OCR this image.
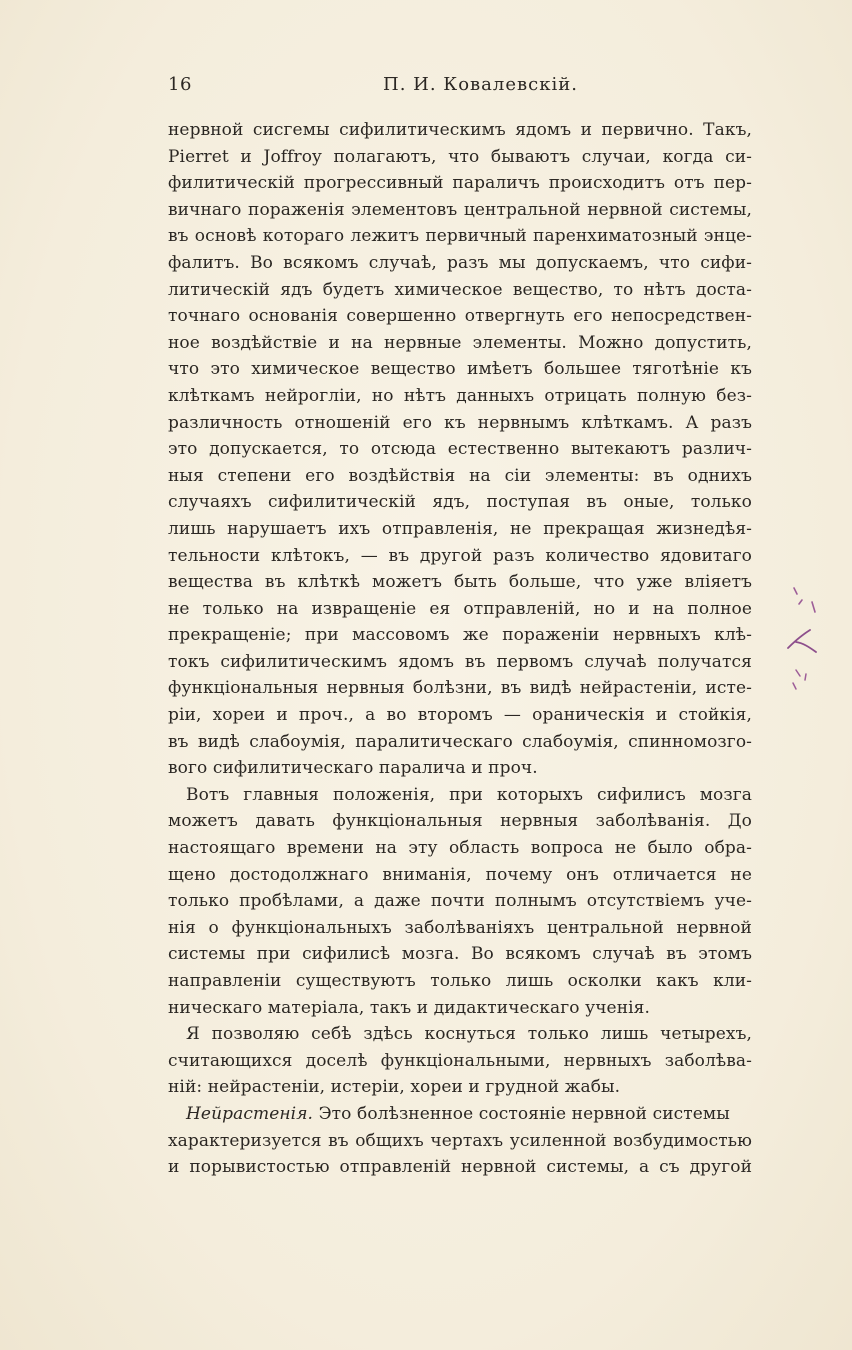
16	П. И. Ковалевскій.
нервной сисгемы сифилитическимъ ядомъ и первично. Такъ,
Pierret и Joffroy полагаютъ, что бываютъ случаи, когда си-
филитическій прогрессивный параличъ происходитъ отъ пер-
вичнаго пораженія элементовъ центральной нервной системы,
въ основѣ котораго лежитъ первичный паренхиматозный энце-
фалитъ. Во всякомъ случаѣ, разъ мы допускаемъ, что сифи-
литическій ядъ будетъ химическое вещество, то нѣтъ доста-
точнаго основанія совершенно отвергнуть его непосредствен-
ное воздѣйствіе и на нервные элементы. Можно допустить,
что это химическое вещество имѣетъ большее тяготѣніе къ
клѣткамъ нейрогліи, но нѣтъ данныхъ отрицать полную без-
различность отношеній его къ нервнымъ клѣткамъ. А разъ
это допускается, то отсюда естественно вытекаютъ различ-
ныя степени его воздѣйствія на сіи элементы: въ однихъ
случаяхъ сифилитическій ядъ, поступая въ оные, только
лишь нарушаетъ ихъ отправленія, не прекращая жизнедѣя-
тельности клѣтокъ, — въ другой разъ количество ядовитаго
вещества въ клѣткѣ можетъ быть больше, что уже вліяетъ
не только на извращеніе ея отправленій, но и на полное
прекращеніе; при массовомъ же пораженіи нервныхъ клѣ-
токъ сифилитическимъ ядомъ въ первомъ случаѣ получатся
функціональныя нервныя болѣзни, въ видѣ нейрастеніи, исте-
ріи, хореи и проч., а во второмъ — ораническія и стойкія,
въ видѣ слабоумія, паралитическаго слабоумія, спинномозго-
вого сифилитическаго паралича и проч.
Вотъ главныя положенія, при которыхъ сифилисъ мозга
можетъ давать функціональныя нервныя заболѣванія. До
настоящаго времени на эту область вопроса не было обра-
щено достодолжнаго вниманія, почему онъ отличается не
только пробѣлами, а даже почти полнымъ отсутствіемъ уче-
нія о функціональныхъ заболѣваніяхъ центральной нервной
системы при сифилисѣ мозга. Во всякомъ случаѣ въ этомъ
направленіи существуютъ только лишь осколки какъ кли-
ническаго матеріала, такъ и дидактическаго ученія.
Я позволяю себѣ здѣсь коснуться только лишь четырехъ,
считающихся доселѣ функціональными, нервныхъ заболѣва-
ній: нейрастеніи, истеріи, хореи и грудной жабы.
Нейрастенія. Это болѣзненное состояніе нервной системы
характеризуется въ общихъ чертахъ усиленной возбудимостью
и порывистостью отправленій нервной системы, а съ другой
